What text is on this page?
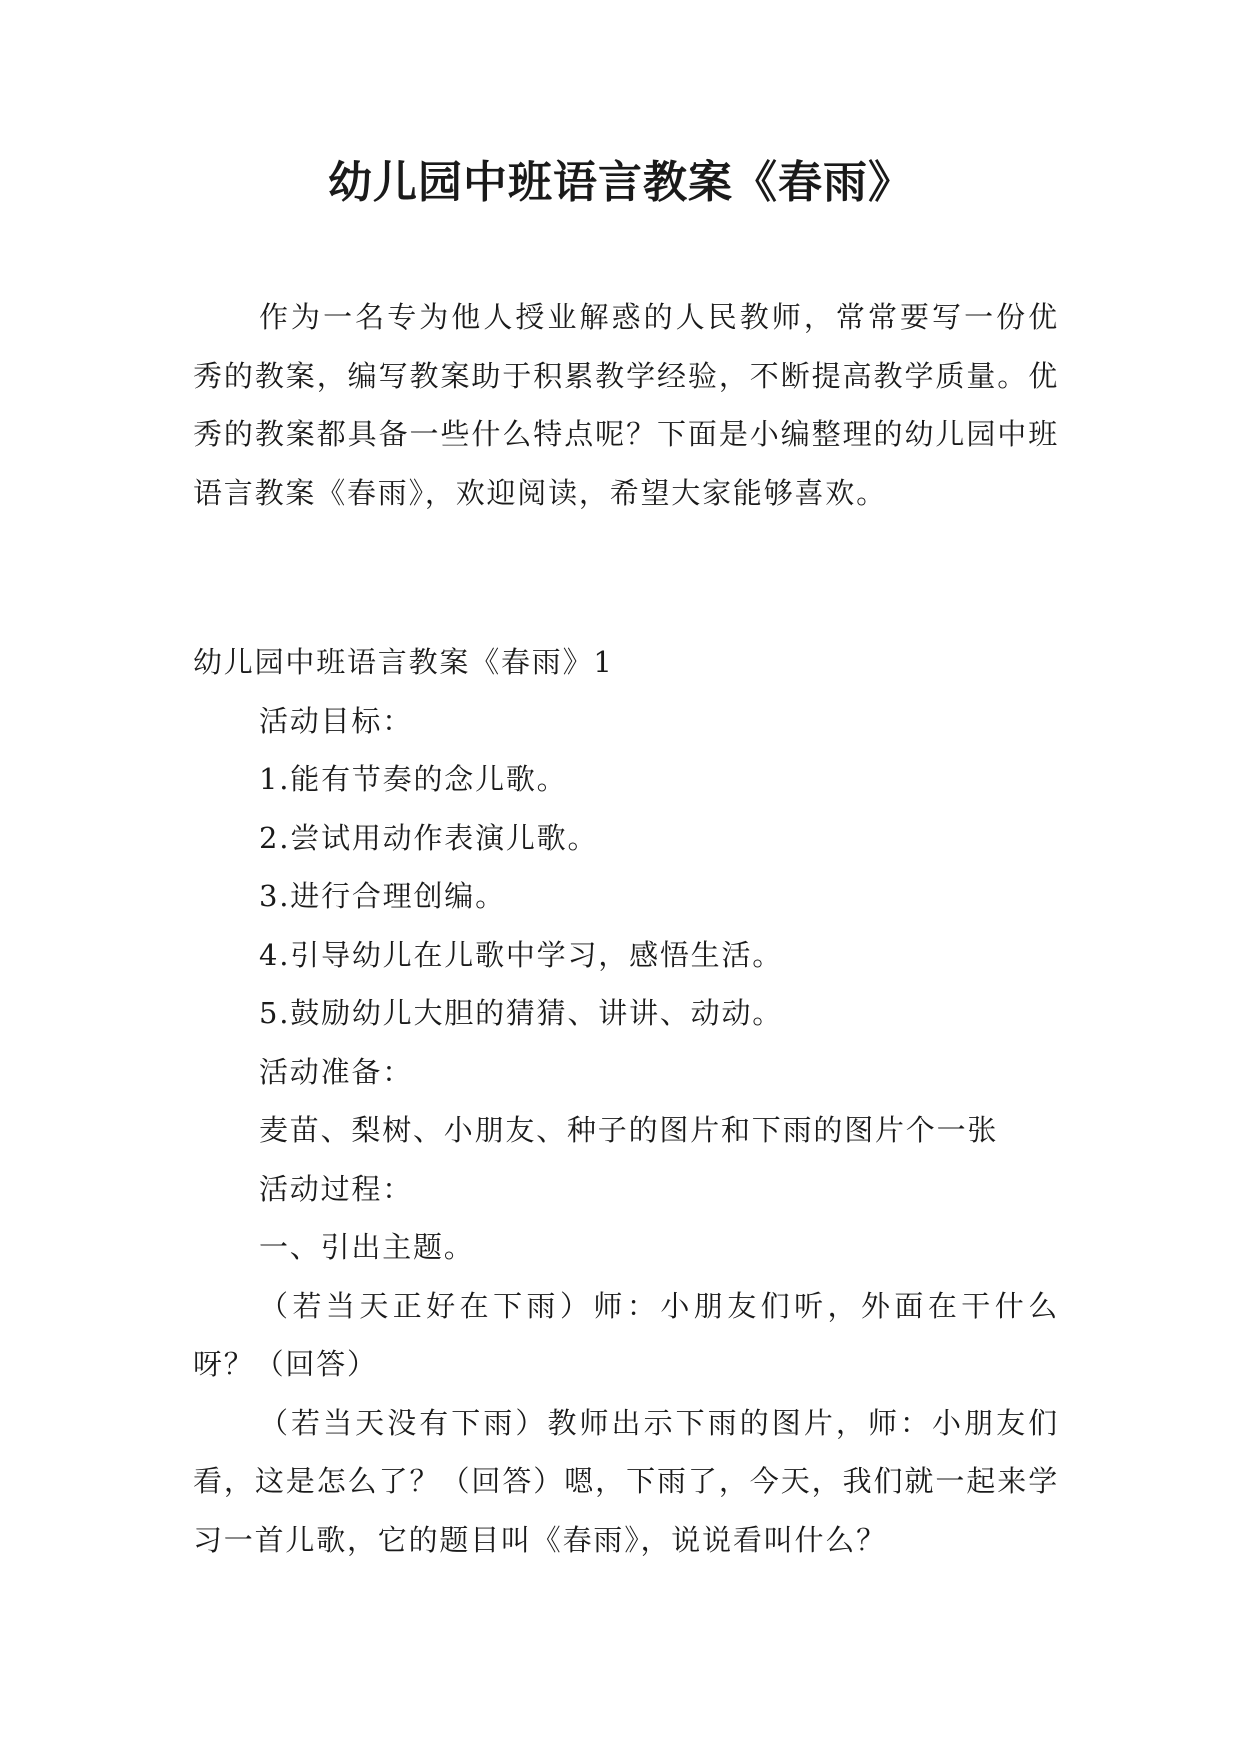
幼儿园中班语言教案《春雨》

作为一名专为他人授业解惑的人民教师，常常要写一份优秀的教案，编写教案助于积累教学经验，不断提高教学质量。优秀的教案都具备一些什么特点呢？下面是小编整理的幼儿园中班语言教案《春雨》，欢迎阅读，希望大家能够喜欢。

幼儿园中班语言教案《春雨》1

活动目标：

1.能有节奏的念儿歌。

2.尝试用动作表演儿歌。

3.进行合理创编。

4.引导幼儿在儿歌中学习，感悟生活。

5.鼓励幼儿大胆的猜猜、讲讲、动动。

活动准备：

麦苗、梨树、小朋友、种子的图片和下雨的图片个一张

活动过程：

一、引出主题。

（若当天正好在下雨）师：小朋友们听，外面在干什么呀？（回答）

（若当天没有下雨）教师出示下雨的图片，师：小朋友们看，这是怎么了？（回答）嗯，下雨了，今天，我们就一起来学习一首儿歌，它的题目叫《春雨》，说说看叫什么？
